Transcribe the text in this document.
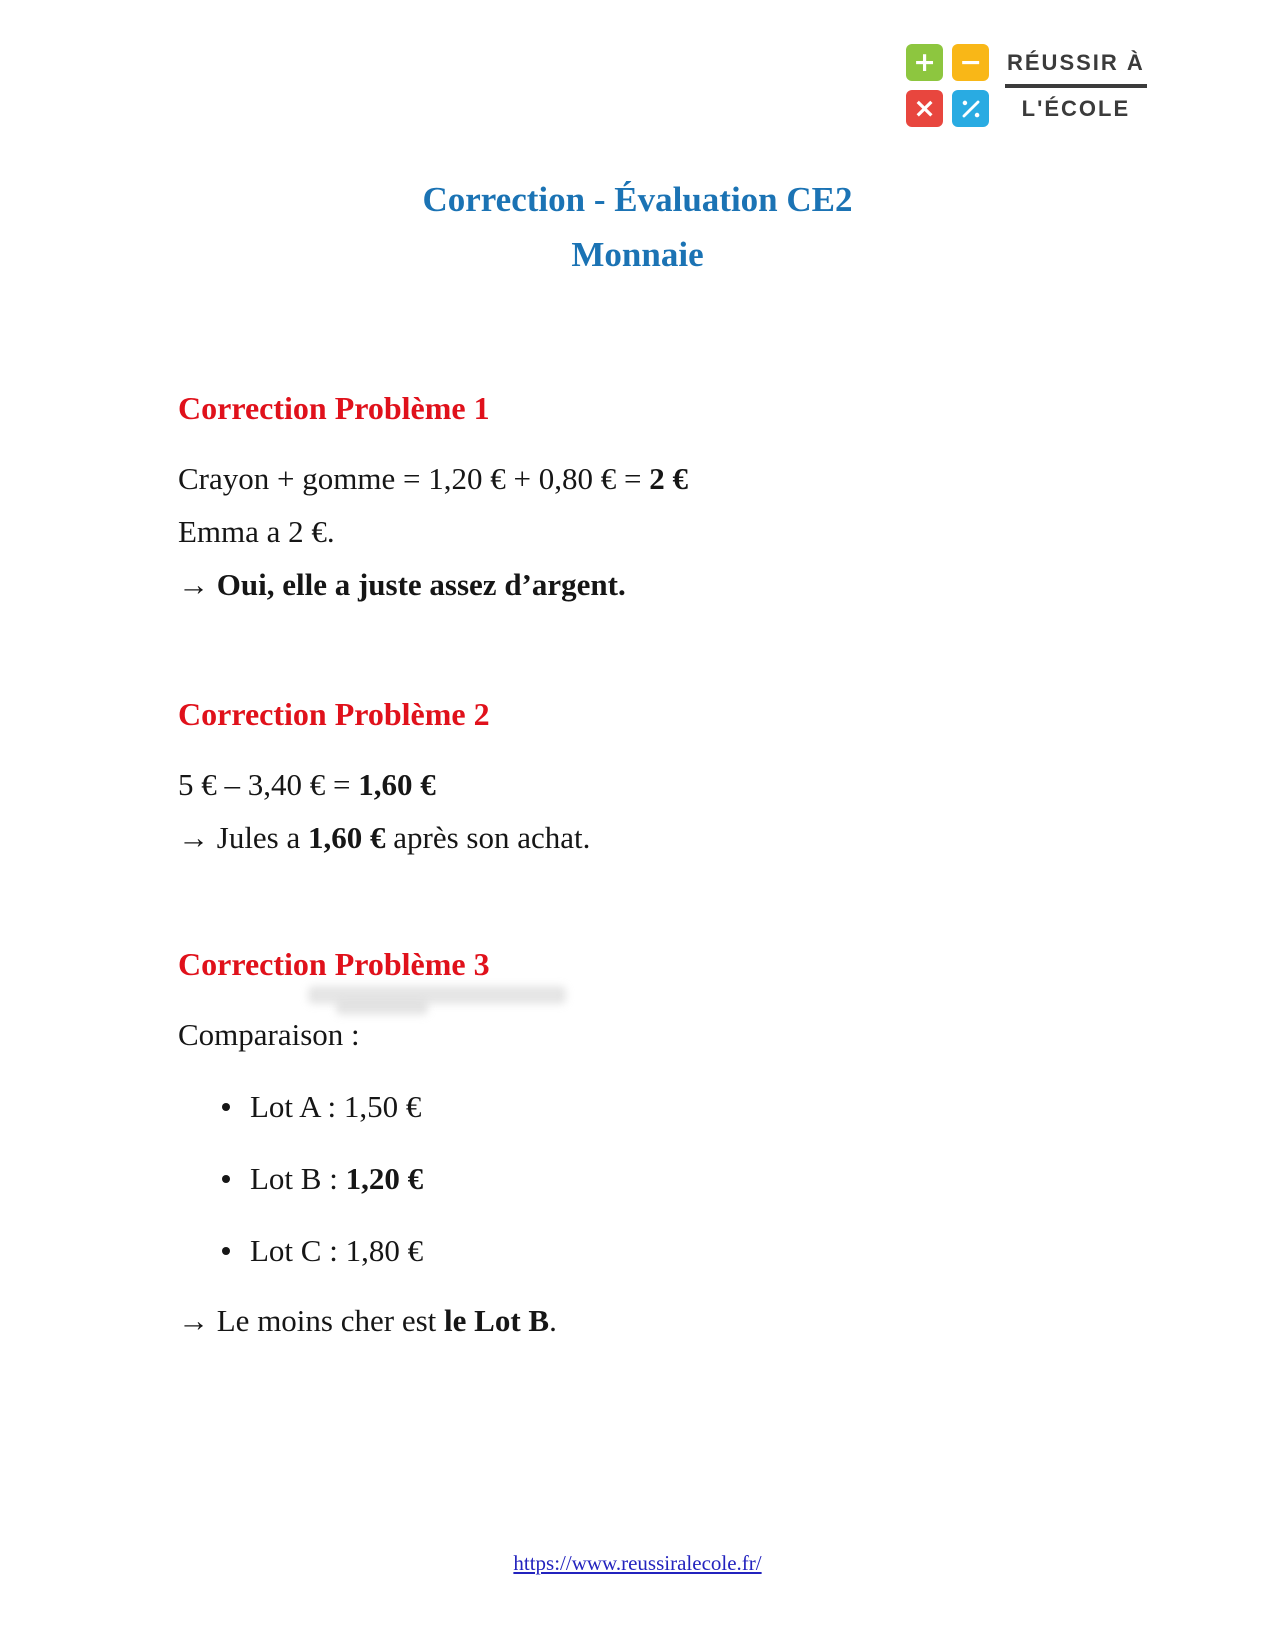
+ −
×
RÉUSSIR À
L'ÉCOLE
Correction - Évaluation CE2
Monnaie
Correction Problème 1

Crayon + gomme = 1,20 € + 0,80 € = 2 €

Emma a 2 €.

→ Oui, elle a juste assez d’argent.

Correction Problème 2

5 € – 3,40 € = 1,60 €

→ Jules a 1,60 € après son achat.

Correction Problème 3

Comparaison :

Lot A : 1,50 €
Lot B : 1,20 €
Lot C : 1,80 €

→ Le moins cher est le Lot B.

https://www.reussiralecole.fr/
